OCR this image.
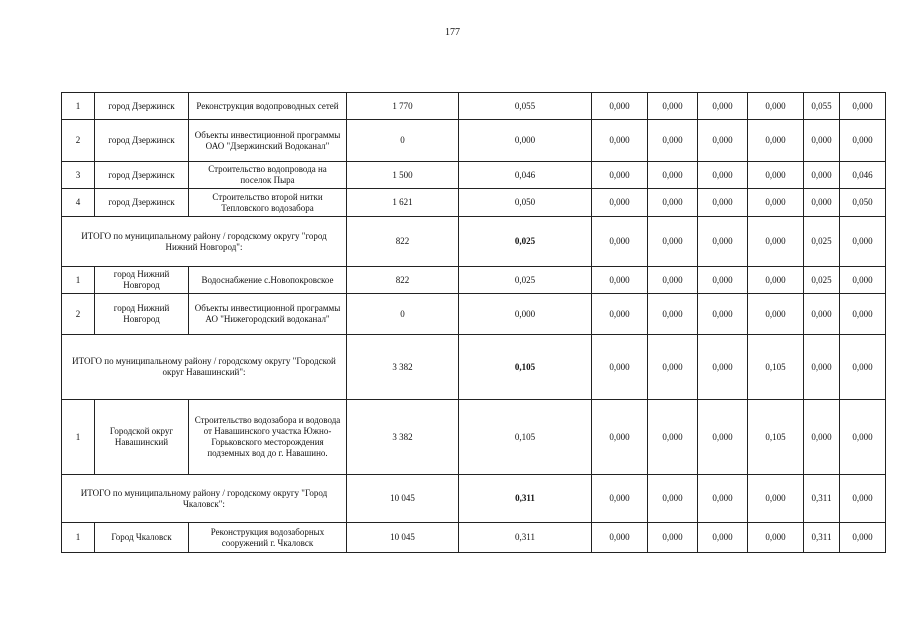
177
1	город Дзержинск	Реконструкция водопроводных сетей	1 770	0,055	0,000	0,000	0,000	0,000	0,055	0,000
2	город Дзержинск	Объекты инвестиционной программы ОАО "Дзержинский Водоканал"	0	0,000	0,000	0,000	0,000	0,000	0,000	0,000
3	город Дзержинск	Строительство водопровода на поселок Пыра	1 500	0,046	0,000	0,000	0,000	0,000	0,000	0,046
4	город Дзержинск	Строительство второй нитки Тепловского водозабора	1 621	0,050	0,000	0,000	0,000	0,000	0,000	0,050
ИТОГО по муниципальному району / городскому округу "город Нижний Новгород":			822	0,025	0,000	0,000	0,000	0,000	0,025	0,000
1	город Нижний Новгород	Водоснабжение с.Новопокровское	822	0,025	0,000	0,000	0,000	0,000	0,025	0,000
2	город Нижний Новгород	Объекты инвестиционной программы АО "Нижегородский водоканал"	0	0,000	0,000	0,000	0,000	0,000	0,000	0,000
ИТОГО по муниципальному району / городскому округу "Городской округ Навашинский":			3 382	0,105	0,000	0,000	0,000	0,105	0,000	0,000
1	Городской округ Навашинский	Строительство водозабора и водовода от Навашинского участка Южно-Горьковского месторождения подземных вод до г. Навашино.	3 382	0,105	0,000	0,000	0,000	0,105	0,000	0,000
ИТОГО по муниципальному району / городскому округу "Город Чкаловск":			10 045	0,311	0,000	0,000	0,000	0,000	0,311	0,000
1	Город Чкаловск	Реконструкция водозаборных сооружений г. Чкаловск	10 045	0,311	0,000	0,000	0,000	0,000	0,311	0,000
